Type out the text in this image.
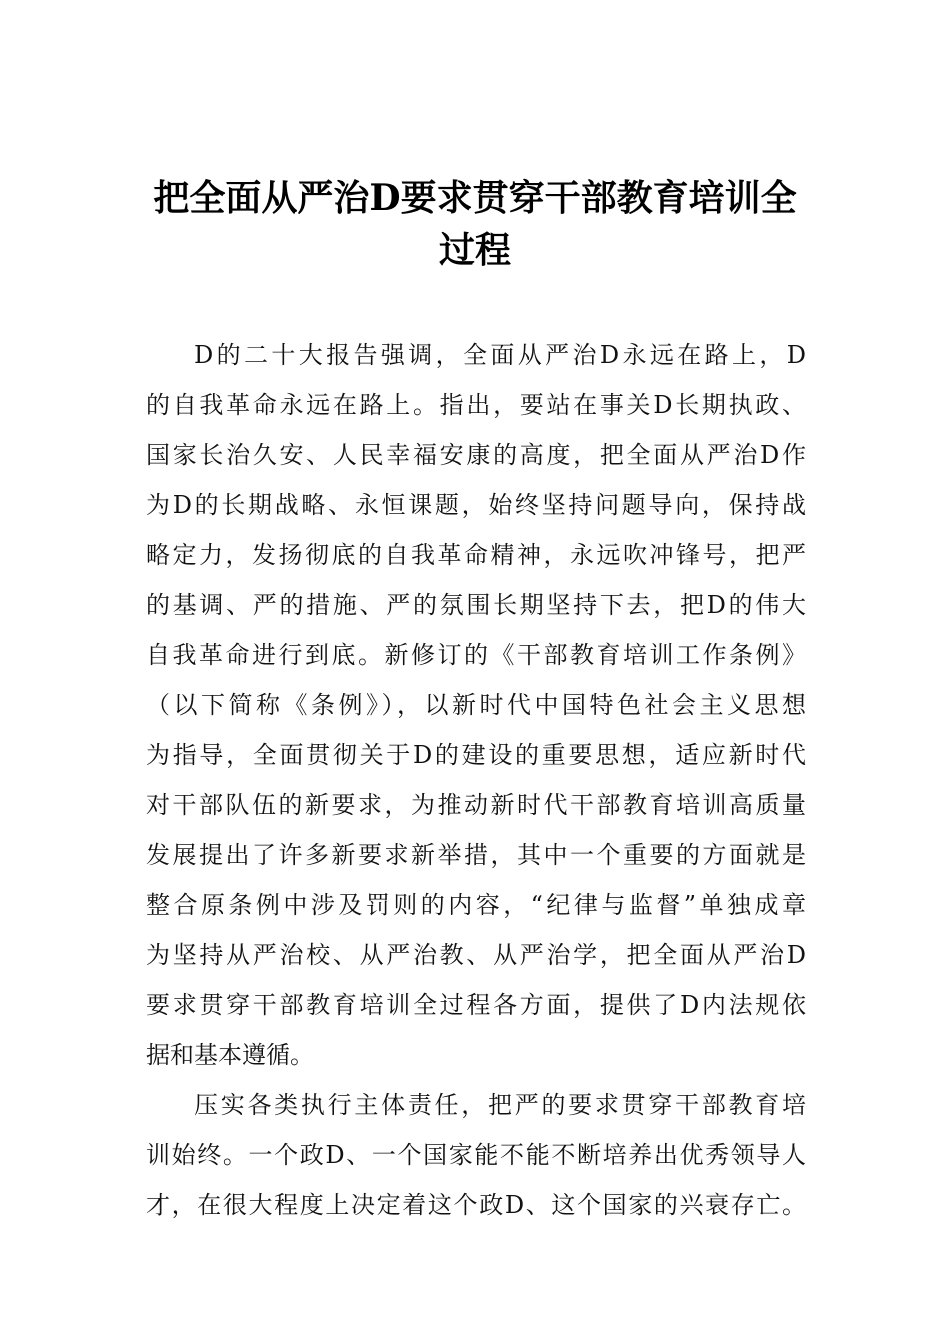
把全面从严治D要求贯穿干部教育培训全
过程

D的二十大报告强调，全面从严治D永远在路上，D
的自我革命永远在路上。指出，要站在事关D长期执政、
国家长治久安、人民幸福安康的高度，把全面从严治D作
为D的长期战略、永恒课题，始终坚持问题导向，保持战
略定力，发扬彻底的自我革命精神，永远吹冲锋号，把严
的基调、严的措施、严的氛围长期坚持下去，把D的伟大
自我革命进行到底。新修订的《干部教育培训工作条例》
（以下简称《条例》），以新时代中国特色社会主义思想
为指导，全面贯彻关于D的建设的重要思想，适应新时代
对干部队伍的新要求，为推动新时代干部教育培训高质量
发展提出了许多新要求新举措，其中一个重要的方面就是
整合原条例中涉及罚则的内容，“纪律与监督”单独成章
为坚持从严治校、从严治教、从严治学，把全面从严治D
要求贯穿干部教育培训全过程各方面，提供了D内法规依
据和基本遵循。

压实各类执行主体责任，把严的要求贯穿干部教育培
训始终。一个政D、一个国家能不能不断培养出优秀领导人
才，在很大程度上决定着这个政D、这个国家的兴衰存亡。
